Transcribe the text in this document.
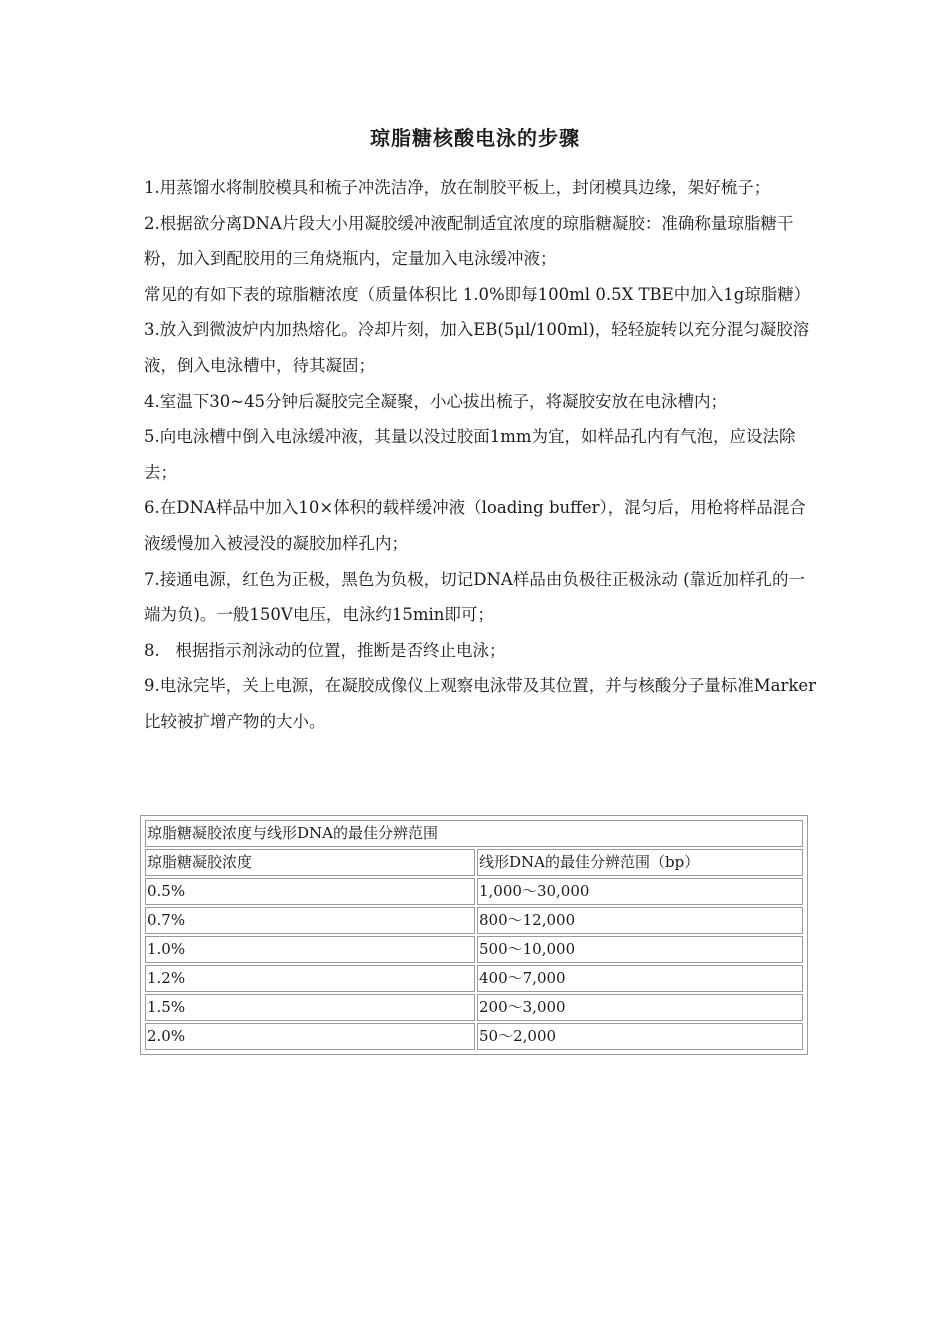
琼脂糖核酸电泳的步骤

1.用蒸馏水将制胶模具和梳子冲洗洁净，放在制胶平板上，封闭模具边缘，架好梳子；

2.根据欲分离DNA片段大小用凝胶缓冲液配制适宜浓度的琼脂糖凝胶：准确称量琼脂糖干粉，加入到配胶用的三角烧瓶内，定量加入电泳缓冲液；

常见的有如下表的琼脂糖浓度（质量体积比 1.0%即每100ml 0.5X TBE中加入1g琼脂糖）

3.放入到微波炉内加热熔化。冷却片刻，加入EB(5μl/100ml)，轻轻旋转以充分混匀凝胶溶液，倒入电泳槽中，待其凝固；

4.室温下30~45分钟后凝胶完全凝聚，小心拔出梳子，将凝胶安放在电泳槽内；

5.向电泳槽中倒入电泳缓冲液，其量以没过胶面1mm为宜，如样品孔内有气泡，应设法除去；

6.在DNA样品中加入10×体积的载样缓冲液（loading buffer），混匀后，用枪将样品混合液缓慢加入被浸没的凝胶加样孔内；

7.接通电源，红色为正极，黑色为负极，切记DNA样品由负极往正极泳动 (靠近加样孔的一端为负)。一般150V电压，电泳约15min即可；

8.   根据指示剂泳动的位置，推断是否终止电泳；

9.电泳完毕，关上电源，在凝胶成像仪上观察电泳带及其位置，并与核酸分子量标准Marker比较被扩增产物的大小。

琼脂糖凝胶浓度与线形DNA的最佳分辨范围	
琼脂糖凝胶浓度	线形DNA的最佳分辨范围（bp）
0.5%	1,000～30,000
0.7%	800～12,000
1.0%	500～10,000
1.2%	400～7,000
1.5%	200～3,000
2.0%	50～2,000
